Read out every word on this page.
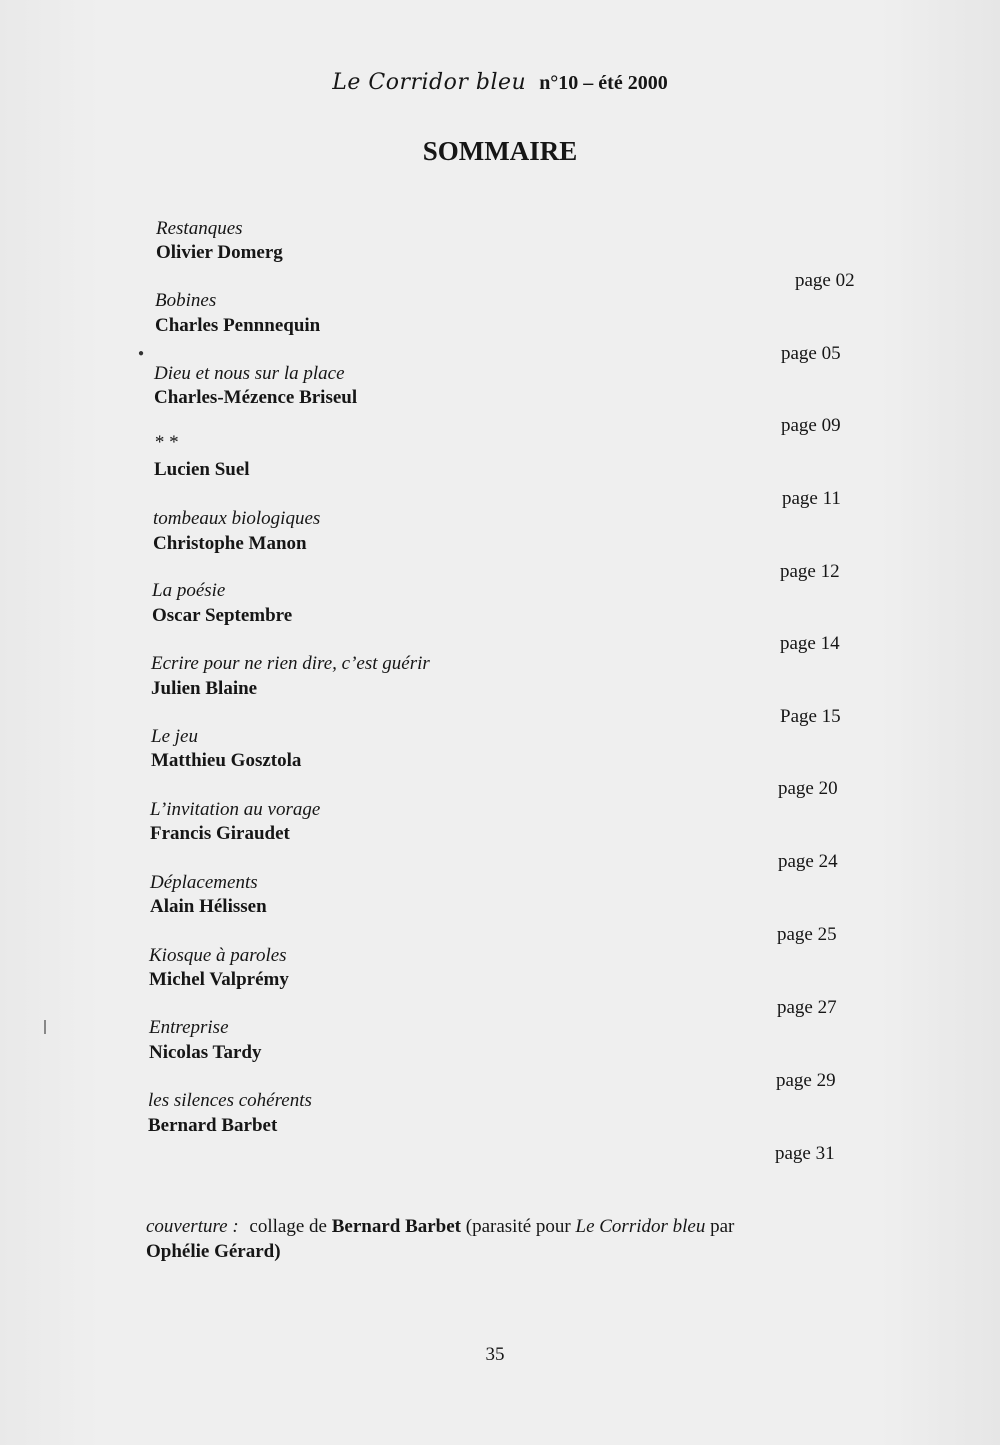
Le Corridor bleu n°10 – été 2000
SOMMAIRE
●
Restanques
Olivier Domerg
page 02
Bobines
Charles Pennnequin
page 05
Dieu et nous sur la place
Charles-Mézence Briseul
page 09
* *
Lucien Suel
page 11
tombeaux biologiques
Christophe Manon
page 12
La poésie
Oscar Septembre
page 14
Ecrire pour ne rien dire, c’est guérir
Julien Blaine
Page 15
Le jeu
Matthieu Gosztola
page 20
L’invitation au vorage
Francis Giraudet
page 24
Déplacements
Alain Hélissen
page 25
Kiosque à paroles
Michel Valprémy
page 27
Entreprise
Nicolas Tardy
page 29
les silences cohérents
Bernard Barbet
page 31
couverture : collage de Bernard Barbet (parasité pour Le Corridor bleu par
Ophélie Gérard)
35
